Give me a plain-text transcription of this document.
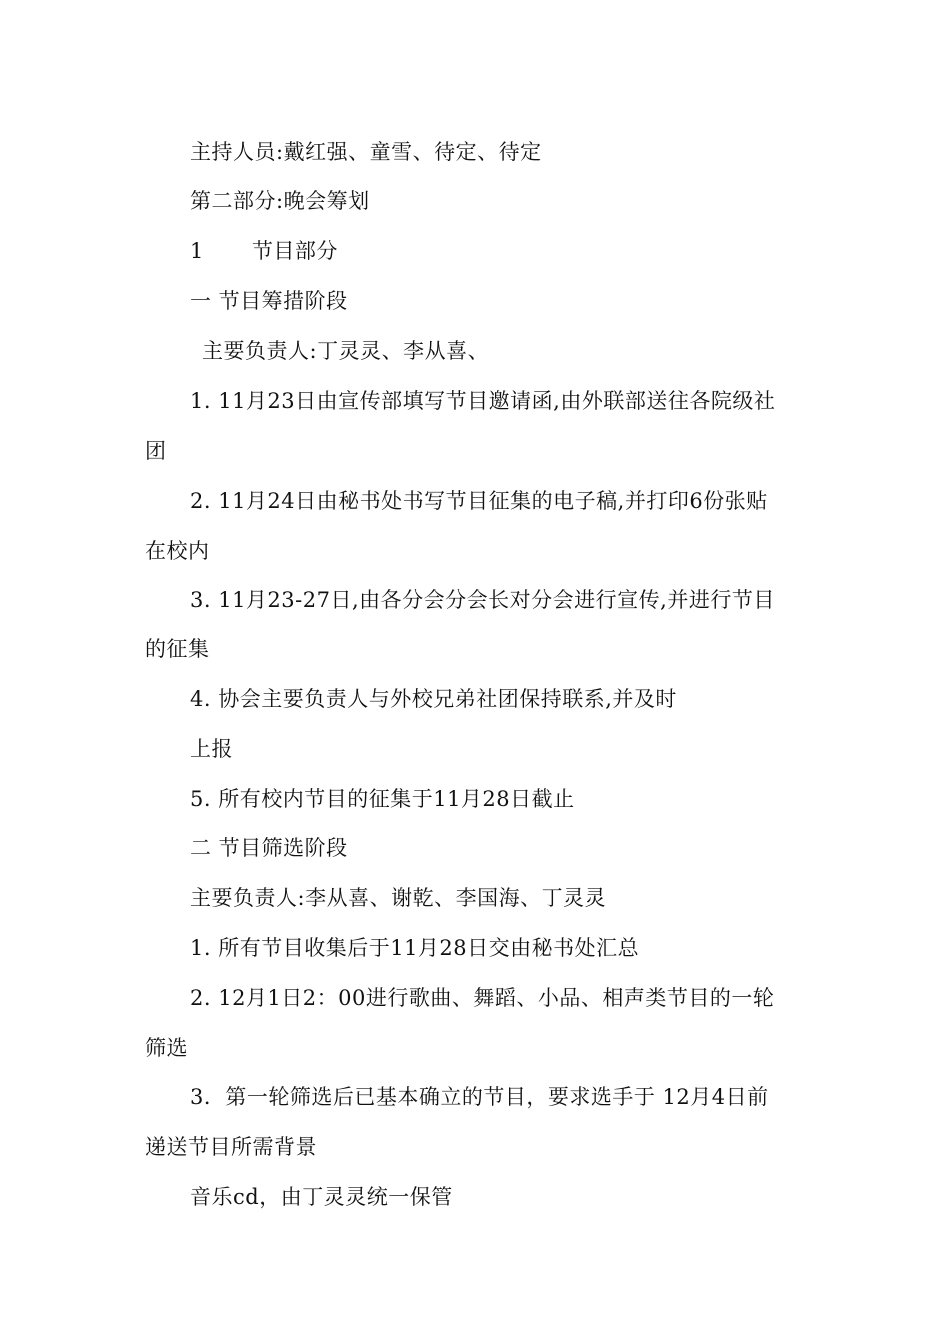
主持人员:戴红强、童雪、待定、待定
第二部分:晚会筹划
1 节目部分
一 节目筹措阶段
主要负责人:丁灵灵、李从喜、
1. 11月23日由宣传部填写节目邀请函,由外联部送往各院级社
团
2. 11月24日由秘书处书写节目征集的电子稿,并打印6份张贴
在校内
3. 11月23-27日,由各分会分会长对分会进行宣传,并进行节目
的征集
4. 协会主要负责人与外校兄弟社团保持联系,并及时
上报
5. 所有校内节目的征集于11月28日截止
二 节目筛选阶段
主要负责人:李从喜、谢乾、李国海、丁灵灵
1. 所有节目收集后于11月28日交由秘书处汇总
2. 12月1日2：00进行歌曲、舞蹈、小品、相声类节目的一轮
筛选
3．第一轮筛选后已基本确立的节目，要求选手于 12月4日前
递送节目所需背景
音乐cd，由丁灵灵统一保管
